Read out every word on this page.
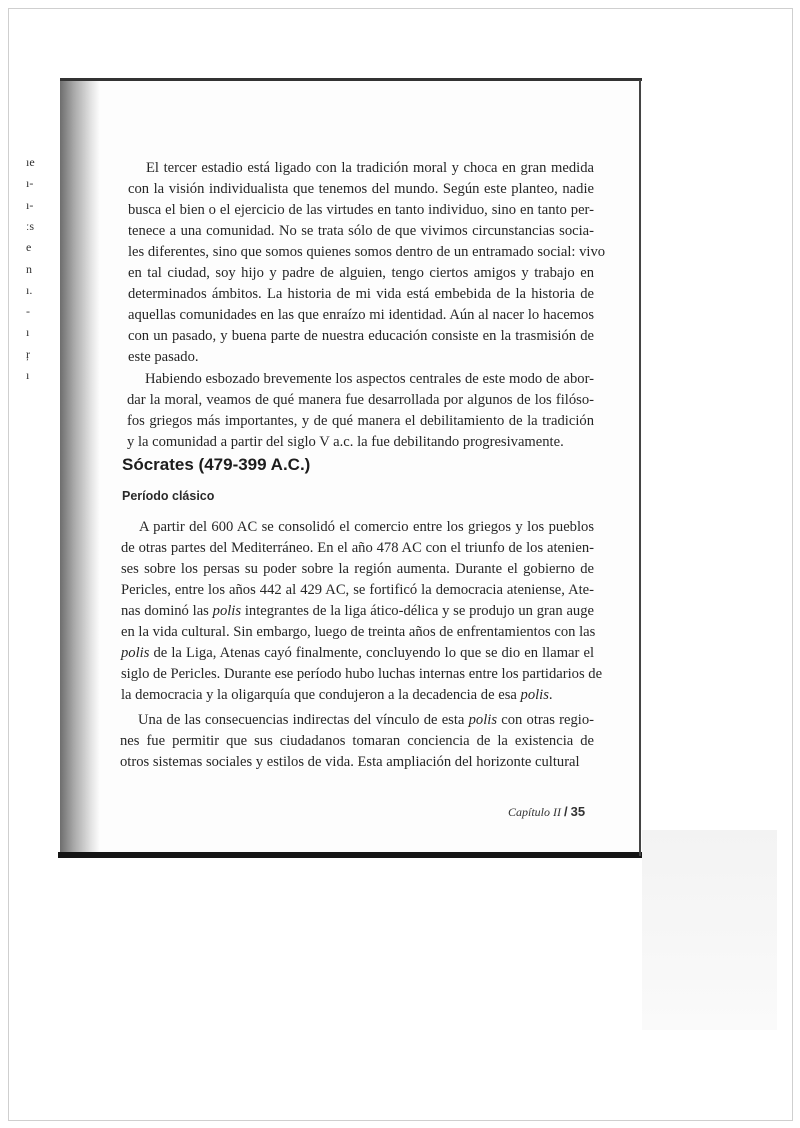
ıe
ı-
ı-
ːs
e
n
ı.
-
ı
ŗ
ı
El tercer estadio está ligado con la tradición moral y choca en gran medida
con la visión individualista que tenemos del mundo. Según este planteo, nadie
busca el bien o el ejercicio de las virtudes en tanto individuo, sino en tanto per-
tenece a una comunidad. No se trata sólo de que vivimos circunstancias socia-
les diferentes, sino que somos quienes somos dentro de un entramado social: vivo
en tal ciudad, soy hijo y padre de alguien, tengo ciertos amigos y trabajo en
determinados ámbitos. La historia de mi vida está embebida de la historia de
aquellas comunidades en las que enraízo mi identidad. Aún al nacer lo hacemos
con un pasado, y buena parte de nuestra educación consiste en la trasmisión de
este pasado.
Habiendo esbozado brevemente los aspectos centrales de este modo de abor-
dar la moral, veamos de qué manera fue desarrollada por algunos de los filóso-
fos griegos más importantes, y de qué manera el debilitamiento de la tradición
y la comunidad a partir del siglo V a.c. la fue debilitando progresivamente.
Sócrates (479-399 A.C.)
Período clásico
A partir del 600 AC se consolidó el comercio entre los griegos y los pueblos
de otras partes del Mediterráneo. En el año 478 AC con el triunfo de los atenien-
ses sobre los persas su poder sobre la región aumenta. Durante el gobierno de
Pericles, entre los años 442 al 429 AC, se fortificó la democracia ateniense, Ate-
nas dominó las polis integrantes de la liga ático-délica y se produjo un gran auge
en la vida cultural. Sin embargo, luego de treinta años de enfrentamientos con las
polis de la Liga, Atenas cayó finalmente, concluyendo lo que se dio en llamar el
siglo de Pericles. Durante ese período hubo luchas internas entre los partidarios de
la democracia y la oligarquía que condujeron a la decadencia de esa polis.
Una de las consecuencias indirectas del vínculo de esta polis con otras regio-
nes fue permitir que sus ciudadanos tomaran conciencia de la existencia de
otros sistemas sociales y estilos de vida. Esta ampliación del horizonte cultural
Capítulo II / 35
